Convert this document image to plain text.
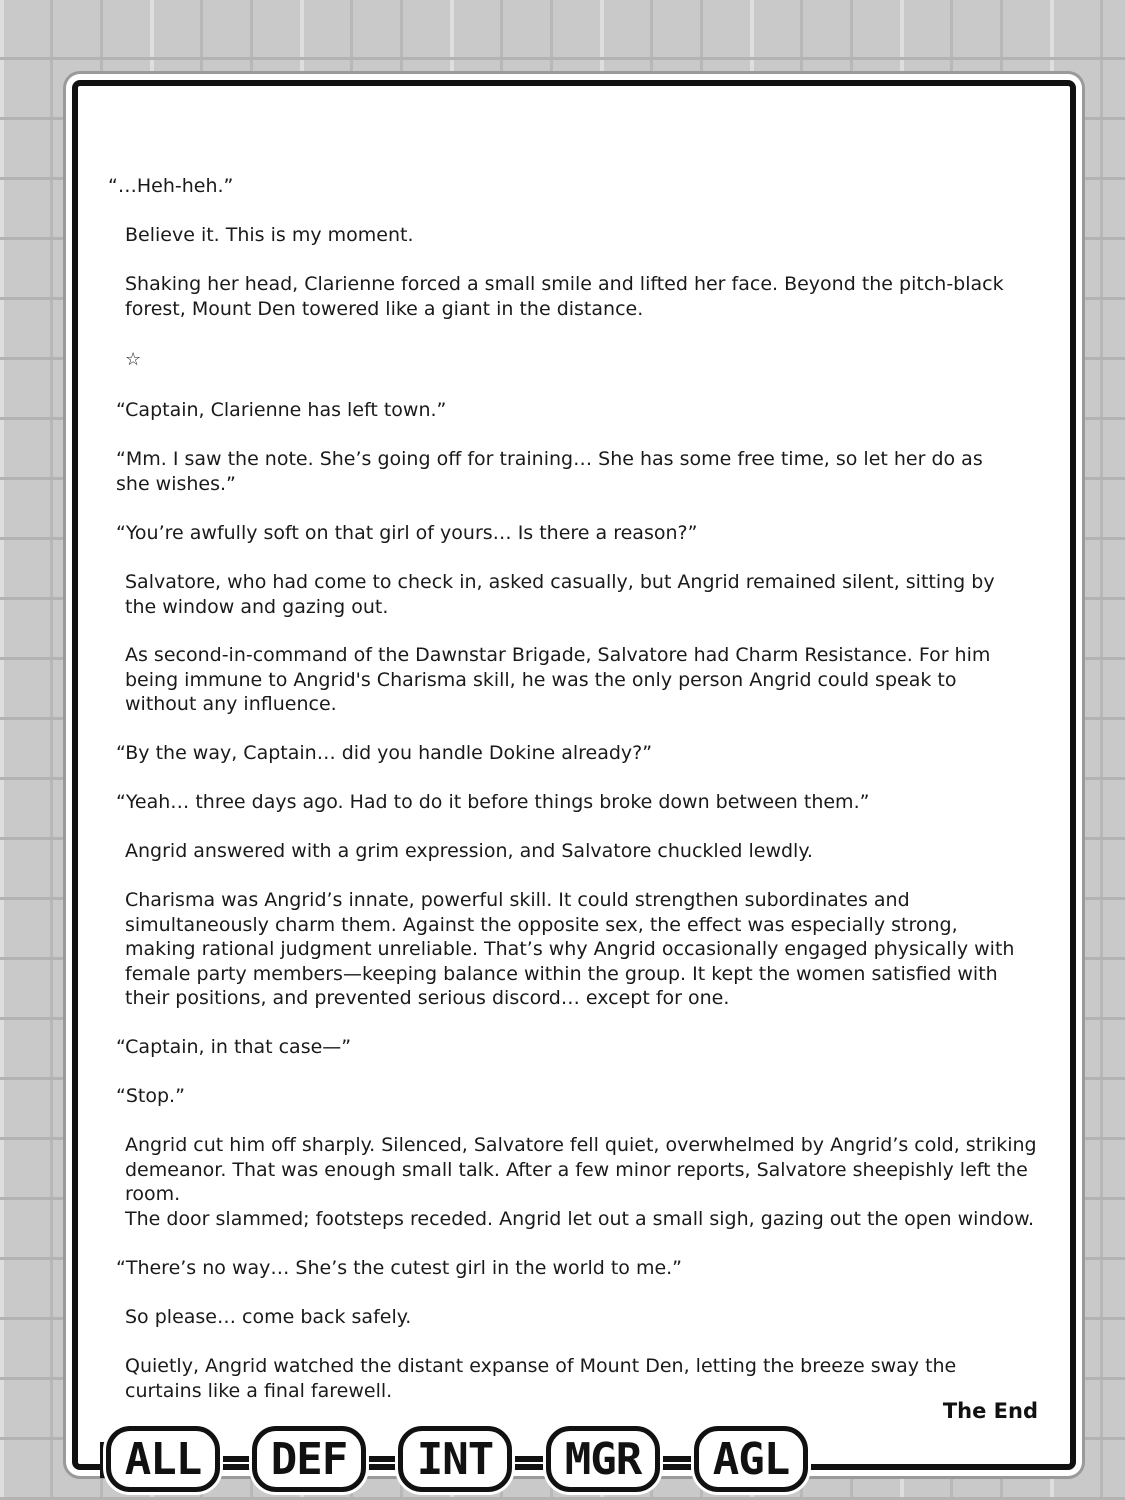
“…Heh-heh.”

Believe it. This is my moment.

Shaking her head, Clarienne forced a small smile and lifted her face. Beyond the pitch-black forest, Mount Den towered like a giant in the distance.

☆

“Captain, Clarienne has left town.”

“Mm. I saw the note. She’s going off for training… She has some free time, so let her do as she wishes.”

“You’re awfully soft on that girl of yours… Is there a reason?”

Salvatore, who had come to check in, asked casually, but Angrid remained silent, sitting by the window and gazing out.

As second-in-command of the Dawnstar Brigade, Salvatore had Charm Resistance. For him being immune to Angrid's Charisma skill, he was the only person Angrid could speak to without any influence.

“By the way, Captain… did you handle Dokine already?”

“Yeah… three days ago. Had to do it before things broke down between them.”

Angrid answered with a grim expression, and Salvatore chuckled lewdly.

Charisma was Angrid’s innate, powerful skill. It could strengthen subordinates and simultaneously charm them. Against the opposite sex, the effect was especially strong, making rational judgment unreliable. That’s why Angrid occasionally engaged physically with female party members—keeping balance within the group. It kept the women satisfied with their positions, and prevented serious discord… except for one.

“Captain, in that case—”

“Stop.”

Angrid cut him off sharply. Silenced, Salvatore fell quiet, overwhelmed by Angrid’s cold, striking demeanor. That was enough small talk. After a few minor reports, Salvatore sheepishly left the room.

The door slammed; footsteps receded. Angrid let out a small sigh, gazing out the open window.

“There’s no way… She’s the cutest girl in the world to me.”

So please… come back safely.

Quietly, Angrid watched the distant expanse of Mount Den, letting the breeze sway the curtains like a final farewell.

The End
ALL	DEF	INT	MGR	AGL
